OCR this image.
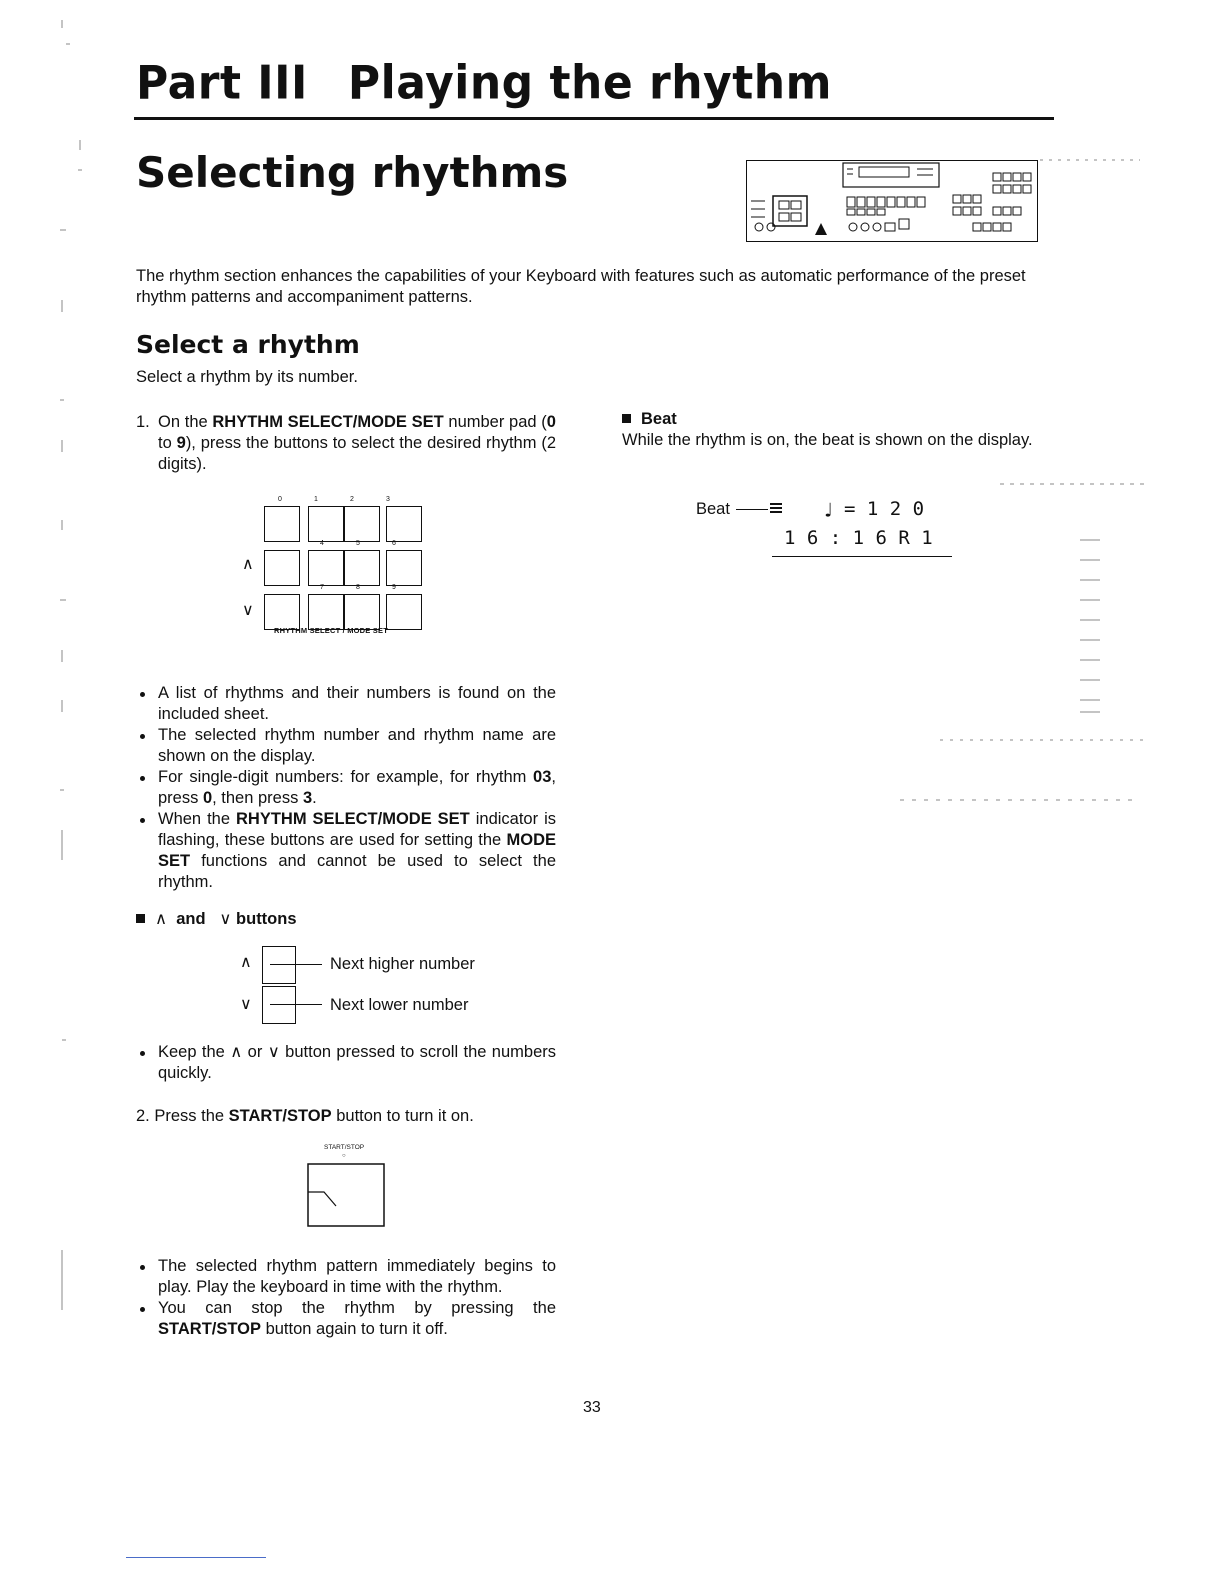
Part III Playing the rhythm
Selecting rhythms
The rhythm section enhances the capabilities of your Keyboard with features such as automatic performance of the preset rhythm patterns and accompaniment patterns.
Select a rhythm
Select a rhythm by its number.
1. On the RHYTHM SELECT/MODE SET number pad (0 to 9), press the buttons to select the desired rhythm (2 digits).
0	1	2	3
∧
4	5	6
∨
7	8	9
RHYTHM SELECT / MODE SET
A list of rhythms and their numbers is found on the included sheet.
The selected rhythm number and rhythm name are shown on the display.
For single-digit numbers: for example, for rhythm 03, press 0, then press 3.
When the RHYTHM SELECT/MODE SET indicator is flashing, these buttons are used for setting the MODE SET functions and cannot be used to select the rhythm.
∧ and ∨ buttons
∧
∨
Next higher number
Next lower number
Keep the ∧ or ∨ button pressed to scroll the numbers quickly.
2. Press the START/STOP button to turn it on.
START/STOP
○
The selected rhythm pattern immediately begins to play. Play the keyboard in time with the rhythm.
You can stop the rhythm by pressing the START/STOP button again to turn it off.
Beat
While the rhythm is on, the beat is shown on the display.
Beat	♩ = 1 2 0
1 6 : 1 6 R 1
33
